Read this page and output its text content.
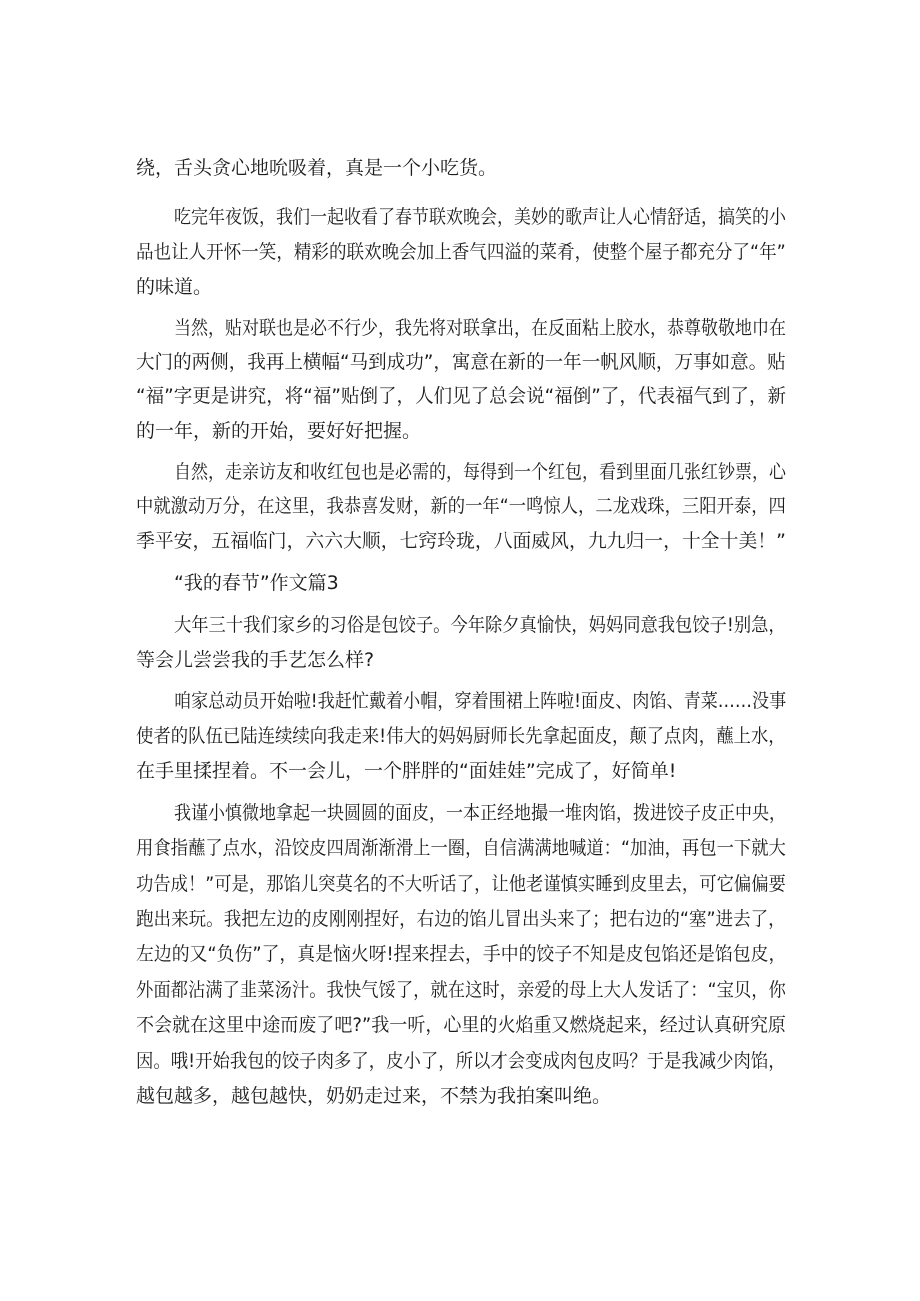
绕，舌头贪心地吮吸着，真是一个小吃货。
吃完年夜饭，我们一起收看了春节联欢晚会，美妙的歌声让人心情舒适，搞笑的小
品也让人开怀一笑，精彩的联欢晚会加上香气四溢的菜肴，使整个屋子都充分了“年”
的味道。
当然，贴对联也是必不行少，我先将对联拿出，在反面粘上胶水，恭尊敬敬地巾在
大门的两侧，我再上横幅“马到成功”，寓意在新的一年一帆风顺，万事如意。贴
“福”字更是讲究，将“福”贴倒了，人们见了总会说“福倒”了，代表福气到了，新
的一年，新的开始，要好好把握。
自然，走亲访友和收红包也是必需的，每得到一个红包，看到里面几张红钞票，心
中就激动万分，在这里，我恭喜发财，新的一年“一鸣惊人，二龙戏珠，三阳开泰，四
季平安，五福临门，六六大顺，七窍玲珑，八面威风，九九归一，十全十美！”
“我的春节”作文篇3
大年三十我们家乡的习俗是包饺子。今年除夕真愉快，妈妈同意我包饺子!别急，
等会儿尝尝我的手艺怎么样?
咱家总动员开始啦!我赶忙戴着小帽，穿着围裙上阵啦!面皮、肉馅、青菜……没事
使者的队伍已陆连续续向我走来!伟大的妈妈厨师长先拿起面皮，颠了点肉，蘸上水，
在手里揉捏着。不一会儿，一个胖胖的“面娃娃”完成了，好简单!
我谨小慎微地拿起一块圆圆的面皮，一本正经地撮一堆肉馅，拨进饺子皮正中央，
用食指蘸了点水，沿饺皮四周渐渐滑上一圈，自信满满地喊道：“加油，再包一下就大
功告成！”可是，那馅儿突莫名的不大听话了，让他老谨慎实睡到皮里去，可它偏偏要
跑出来玩。我把左边的皮刚刚捏好，右边的馅儿冒出头来了；把右边的“塞”进去了，
左边的又“负伤”了，真是恼火呀!捏来捏去，手中的饺子不知是皮包馅还是馅包皮，
外面都沾满了韭菜汤汁。我快气馁了，就在这时，亲爱的母上大人发话了：“宝贝，你
不会就在这里中途而废了吧?”我一听，心里的火焰重又燃烧起来，经过认真研究原
因。哦!开始我包的饺子肉多了，皮小了，所以才会变成肉包皮吗？于是我减少肉馅，
越包越多，越包越快，奶奶走过来，不禁为我拍案叫绝。
